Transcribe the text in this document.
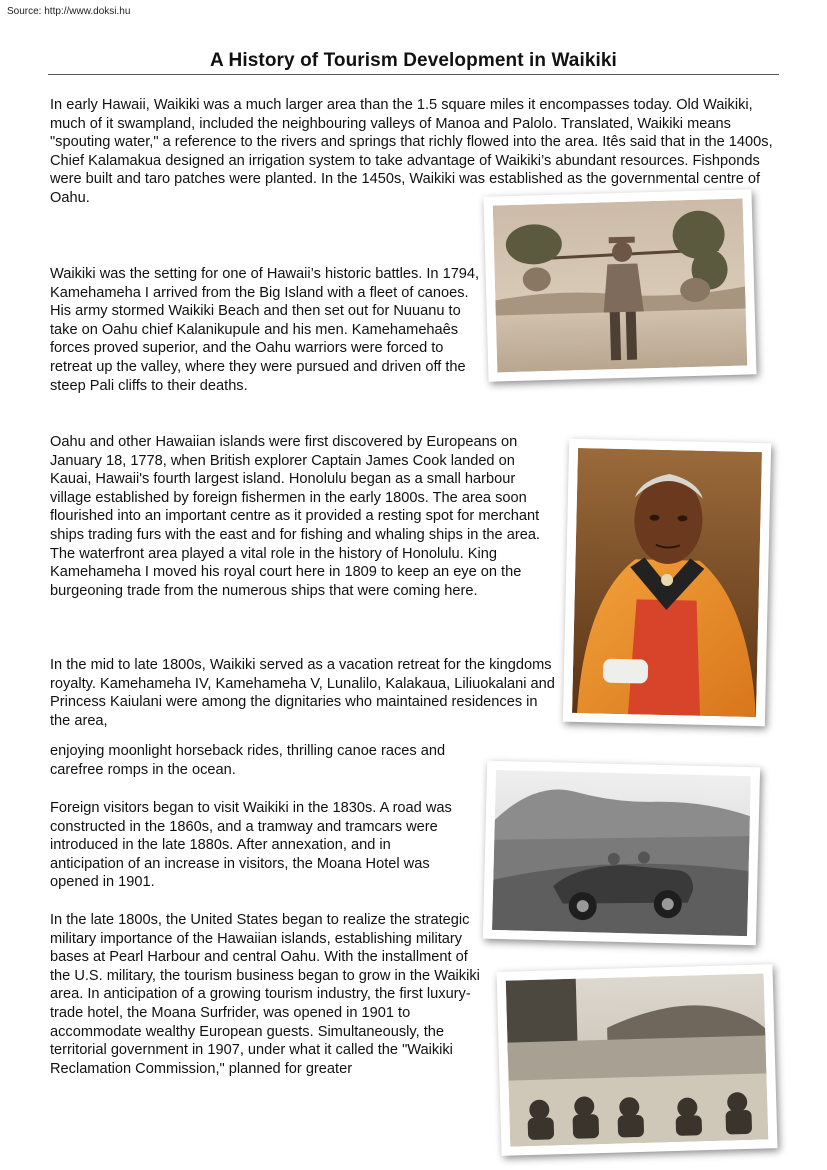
Source: http://www.doksi.hu
A History of Tourism Development in Waikiki

In early Hawaii, Waikiki was a much larger area than the 1.5 square miles it encompasses today. Old Waikiki, much of it swampland, included the neighbouring valleys of Manoa and Palolo. Translated, Waikiki means "spouting water," a reference to the rivers and springs that richly flowed into the area. Itês said that in the 1400s, Chief Kalamakua designed an irrigation system to take advantage of Waikiki’s abundant resources. Fishponds were built and taro patches were planted. In the 1450s, Waikiki was established as the governmental centre of Oahu.

Waikiki was the setting for one of Hawaii’s historic battles. In 1794, Kamehameha I arrived from the Big Island with a fleet of canoes. His army stormed Waikiki Beach and then set out for Nuuanu to take on Oahu chief Kalanikupule and his men. Kamehamehaês forces proved superior, and the Oahu warriors were forced to retreat up the valley, where they were pursued and driven off the steep Pali cliffs to their deaths.

Oahu and other Hawaiian islands were first discovered by Europeans on January 18, 1778, when British explorer Captain James Cook landed on Kauai, Hawaii's fourth largest island. Honolulu began as a small harbour village established by foreign fishermen in the early 1800s. The area soon flourished into an important centre as it provided a resting spot for merchant ships trading furs with the east and for fishing and whaling ships in the area. The waterfront area played a vital role in the history of Honolulu. King Kamehameha I moved his royal court here in 1809 to keep an eye on the burgeoning trade from the numerous ships that were coming here.

In the mid to late 1800s, Waikiki served as a vacation retreat for the kingdoms royalty. Kamehameha IV, Kamehameha V, Lunalilo, Kalakaua, Liliuokalani and Princess Kaiulani were among the dignitaries who maintained residences in the area,

enjoying moonlight horseback rides, thrilling canoe races and carefree romps in the ocean.

Foreign visitors began to visit Waikiki in the 1830s. A road was constructed in the 1860s, and a tramway and tramcars were introduced in the late 1880s. After annexation, and in anticipation of an increase in visitors, the Moana Hotel was opened in 1901.

In the late 1800s, the United States began to realize the strategic military importance of the Hawaiian islands, establishing military bases at Pearl Harbour and central Oahu. With the installment of the U.S. military, the tourism business began to grow in the Waikiki area. In anticipation of a growing tourism industry, the first luxury-trade hotel, the Moana Surfrider, was opened in 1901 to accommodate wealthy European guests. Simultaneously, the territorial government in 1907, under what it called the "Waikiki Reclamation Commission," planned for greater
